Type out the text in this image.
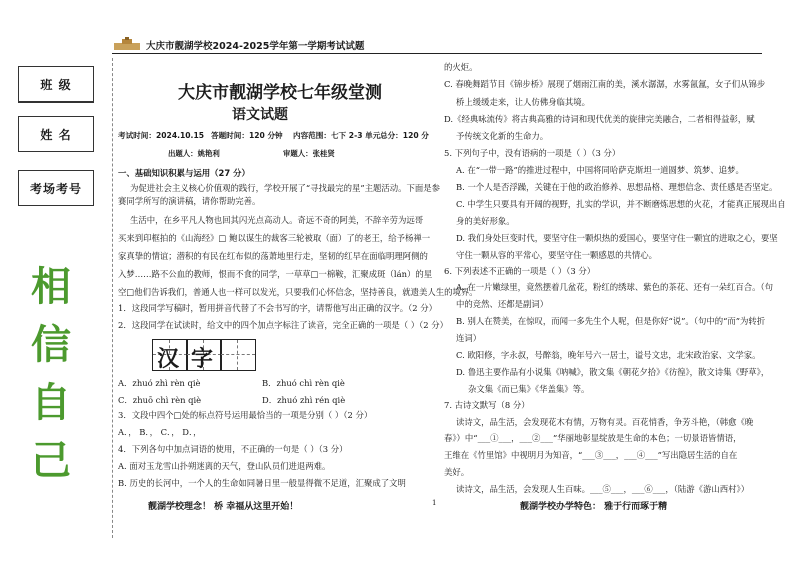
大庆市靓湖学校2024-2025学年第一学期考试试题
班 级
姓 名
考场考号
相
信
自
己
大庆市靓湖学校七年级堂测
语文试题
考试时间：2024.10.15 答题时间：120 分钟 内容范围：七下 2-3 单元 总分：120 分
出题人：姚艳利	审题人：张桂贤
一、基础知识积累与运用（27 分）
为促进社会主义核心价值观的践行，学校开展了“寻找最完的星”主题活动。下面是参
赛同学所写的演讲稿，请你帮助完善。
生活中，在乡平凡人物也回其闪光点高动人。奇远不奇的阿美，不辞辛劳为远哥
买来到印框拍的《山海经》□ 鲍以谋生的裁客三轮被取（面）了的老王，给予杨禅一
家真挚的情谊；潜积的有民在红布似的荡萧地里行走，坚韧的红早在面临明理阿侧的
入梦……路不公血的教师，恨而不食的同学，一草草□一棉鞍，汇聚成斑（lán）的星
空□他们告诉我们，普通人也一样可以发光，只要我们心怀信念，坚持善良，就遗美人生的境界。
1．这段同学写稿时，暂用拼音代替了不会书写的字，请帮他写出正确的汉字。（2 分）
2．这段同学在试读时，给文中的四个加点字标注了读音，完全正确的一项是（ ）（2 分）
汉 字
A．zhuó zhì rèn qiè	B．zhuó chì rèn qiè
C．zhuō chì rèn qiè	D．zhuó zhì rén qiè
3．文段中四个□处的标点符号运用最恰当的一项是分别（ ）（2 分）
A．， B．， C．， D．，
4．下列各句中加点词语的使用，不正确的一句是（ ）（3 分）
A. 面对玉龙雪山扑朔迷离的天气，登山队员们进退两难。
B. 历史的长河中，一个人的生命如同暑日里一般显得微不足道，汇聚成了文明
的火炬。
C. 春晚舞蹈节目《锦步桥》展现了烟雨江南的美，溪水潺潺，水雾氤氲，女子们从锦步
桥上缓缓走来，让人仿佛身临其境。
D.《经典咏流传》将古典高雅的诗词和现代优美的旋律完美融合，二者相得益彰，赋
予传统文化新的生命力。
5. 下列句子中，没有语病的一项是（ ）（3 分）
A. 在“一带一路”的推进过程中，中国将同哈萨克斯坦一道圆梦、筑梦、追梦。
B. 一个人是否浮躁，关键在于他的政治修养、思想品格、理想信念、责任感是否坚定。
C. 中学生只要具有开阔的视野，扎实的学识，并不断磨炼思想的火花，才能真正展现出自
身的美好形象。
D. 我们身处巨变时代，要坚守住一颗炽热的爱国心，要坚守住一颗宜的进取之心，要坚
守住一颗从容的平常心，要坚守住一颗感恩的共情心。
6. 下列表述不正确的一项是（ ）（3 分）
A. 在一片嫩绿里，竟然摆着几盆花，粉红的绣球、紫色的茶花、还有一朵红百合。（句
中的竞然、还都是副词）
B. 别人在赞美，在惊叹，而闻一多先生个人呢，但是你好“说”。（句中的“而”为转折
连词）
C. 欧阳修，字永叔，号醉翁，晚年号六一居士，谥号文忠，北宋政治家、文学家。
D. 鲁迅主要作品有小说集《呐喊》，散文集《朝花夕拾》《彷徨》，散文诗集《野草》，
杂文集《而已集》《华盖集》等。
7. 古诗文默写（8 分）
读诗文，品生活，会发现花木有情，万物有灵。百花悄香，争芳斗艳，（韩愈《晚
春》）中“___①___，___②___”华丽地彰显绽放是生命的本色；一切景语皆情语，
王维在《竹里馆》中视明月为知音，“___③___，___④___”写出隐居生活的自在
美好。
读诗文，品生活，会发现人生百味。___⑤___，___⑥___，（陆游《游山西村》）
靓湖学校理念！ 桥 幸福从这里开始！	1	靓湖学校办学特色： 雅于行而琢于精
